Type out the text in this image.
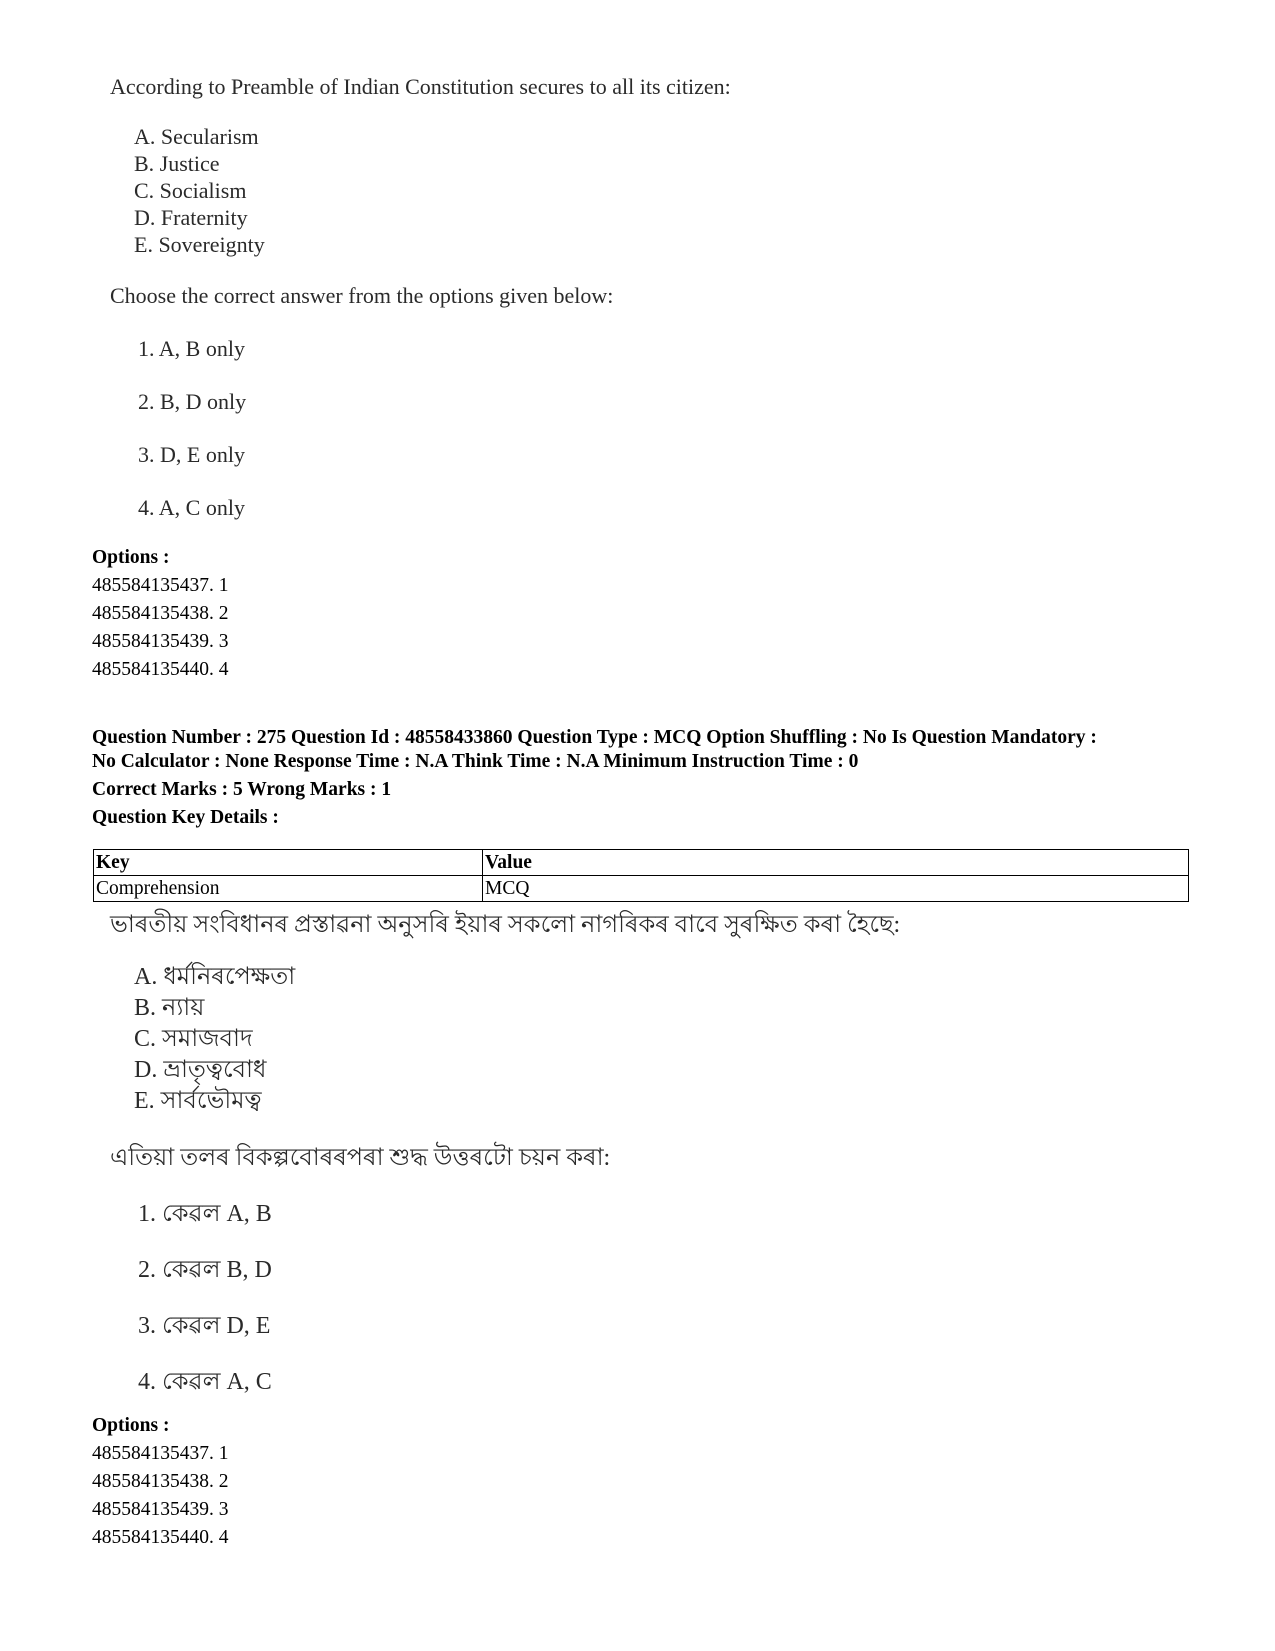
According to Preamble of Indian Constitution secures to all its citizen:
A. Secularism
B. Justice
C. Socialism
D. Fraternity
E. Sovereignty
Choose the correct answer from the options given below:
1. A, B only
2. B, D only
3. D, E only
4. A, C only
Options :
485584135437. 1
485584135438. 2
485584135439. 3
485584135440. 4
Question Number : 275 Question Id : 48558433860 Question Type : MCQ Option Shuffling : No Is Question Mandatory :
No Calculator : None Response Time : N.A Think Time : N.A Minimum Instruction Time : 0
Correct Marks : 5 Wrong Marks : 1
Question Key Details :
Key	Value
Comprehension	MCQ
ভাৰতীয় সংবিধানৰ প্ৰস্তাৱনা অনুসৰি ইয়াৰ সকলো নাগৰিকৰ বাবে সুৰক্ষিত কৰা হৈছে:
A. ধৰ্মনিৰপেক্ষতা
B. ন্যায়
C. সমাজবাদ
D. ভ্ৰাতৃত্ববোধ
E. সাৰ্বভৌমত্ব
এতিয়া তলৰ বিকল্পবোৰৰপৰা শুদ্ধ উত্তৰটো চয়ন কৰা:
1. কেৱল A, B
2. কেৱল B, D
3. কেৱল D, E
4. কেৱল A, C
Options :
485584135437. 1
485584135438. 2
485584135439. 3
485584135440. 4
